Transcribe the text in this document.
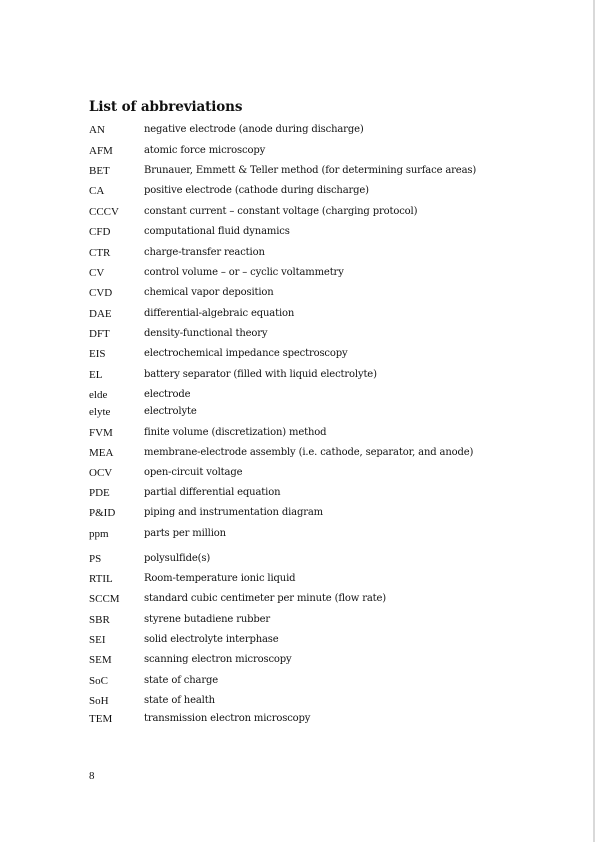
List of abbreviations
AN	negative electrode (anode during discharge)
AFM	atomic force microscopy
BET	Brunauer, Emmett & Teller method (for determining surface areas)
CA	positive electrode (cathode during discharge)
CCCV	constant current – constant voltage (charging protocol)
CFD	computational fluid dynamics
CTR	charge-transfer reaction
CV	control volume – or – cyclic voltammetry
CVD	chemical vapor deposition
DAE	differential-algebraic equation
DFT	density-functional theory
EIS	electrochemical impedance spectroscopy
EL	battery separator (filled with liquid electrolyte)
elde	electrode
elyte	electrolyte
FVM	finite volume (discretization) method
MEA	membrane-electrode assembly (i.e. cathode, separator, and anode)
OCV	open-circuit voltage
PDE	partial differential equation
P&ID	piping and instrumentation diagram
ppm	parts per million
PS	polysulfide(s)
RTIL	Room-temperature ionic liquid
SCCM standard cubic centimeter per minute (flow rate)
SBR	styrene butadiene rubber
SEI	solid electrolyte interphase
SEM	scanning electron microscopy
SoC	state of charge
SoH	state of health
TEM	transmission electron microscopy
8
